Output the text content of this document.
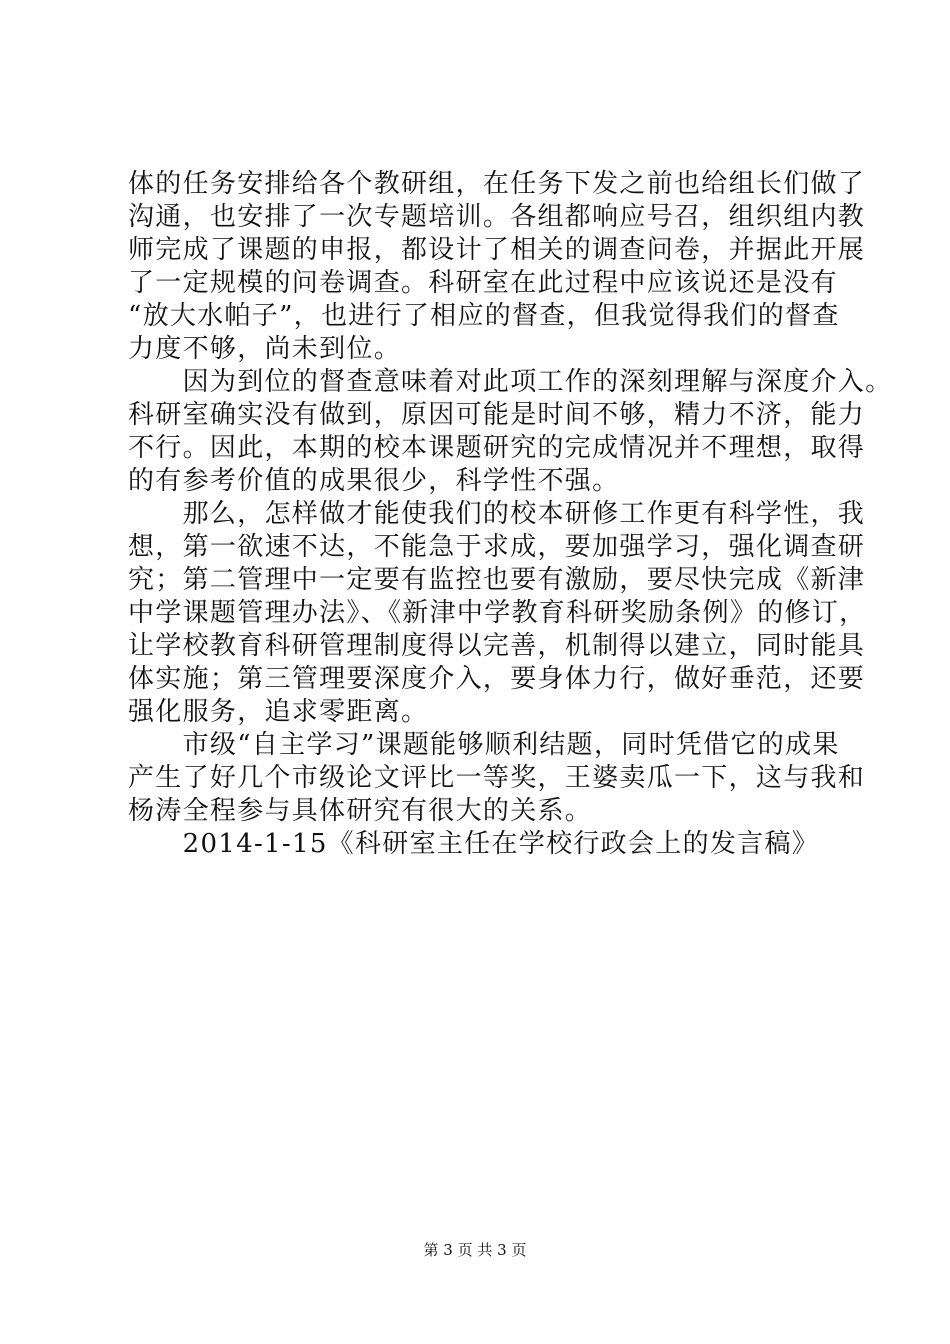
体的任务安排给各个教研组，在任务下发之前也给组长们做了
沟通，也安排了一次专题培训。各组都响应号召，组织组内教
师完成了课题的申报，都设计了相关的调查问卷，并据此开展
了一定规模的问卷调查。科研室在此过程中应该说还是没有
“放大水帕子”，也进行了相应的督查，但我觉得我们的督查
力度不够，尚未到位。
　　因为到位的督查意味着对此项工作的深刻理解与深度介入。
科研室确实没有做到，原因可能是时间不够，精力不济，能力
不行。因此，本期的校本课题研究的完成情况并不理想，取得
的有参考价值的成果很少，科学性不强。
　　那么，怎样做才能使我们的校本研修工作更有科学性，我
想，第一欲速不达，不能急于求成，要加强学习，强化调查研
究；第二管理中一定要有监控也要有激励，要尽快完成《新津
中学课题管理办法》、《新津中学教育科研奖励条例》的修订，
让学校教育科研管理制度得以完善，机制得以建立，同时能具
体实施；第三管理要深度介入，要身体力行，做好垂范，还要
强化服务，追求零距离。
　　市级“自主学习”课题能够顺利结题，同时凭借它的成果
产生了好几个市级论文评比一等奖，王婆卖瓜一下，这与我和
杨涛全程参与具体研究有很大的关系。
　　2014-1-15《科研室主任在学校行政会上的发言稿》
第 3 页 共 3 页
